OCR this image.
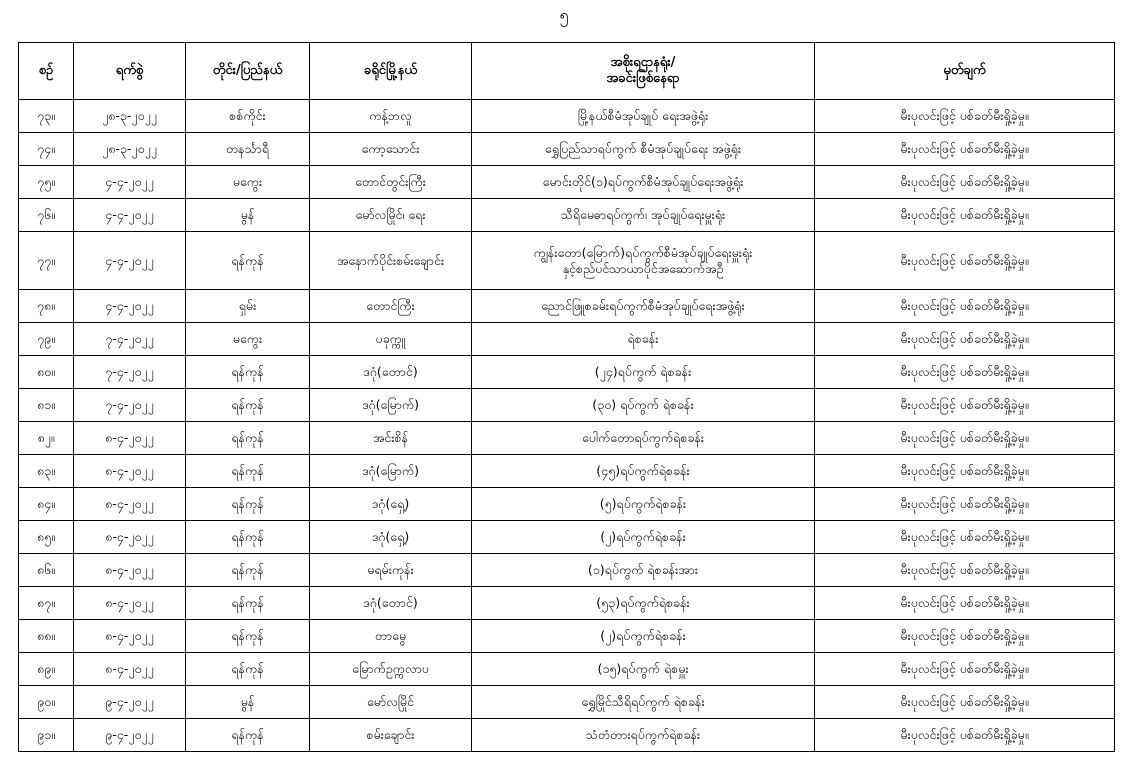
၅
စဉ်	ရက်စွဲ	တိုင်း/ပြည်နယ်	ခရိုင်မြို့နယ်	အစိုးရဌာနရုံး/
အခင်းဖြစ်နေရာ	မှတ်ချက်
၇၃။	၂၈-၃-၂၀၂၂	စစ်ကိုင်း	ကန့်ဘလူ	မြို့နယ်စီမံအုပ်ချုပ် ရေးအဖွဲ့ရုံး	မီးပုလင်းဖြင့် ပစ်ခတ်မီးရှို့ခဲ့မှု။
၇၄။	၂၈-၃-၂၀၂၂	တနင်္သာရီ	ကော့သောင်း	ရွှေပြည်သာရပ်ကွက် စီမံအုပ်ချုပ်ရေး အဖွဲ့ရုံး	မီးပုလင်းဖြင့် ပစ်ခတ်မီးရှို့ခဲ့မှု။
၇၅။	၄-၄-၂၀၂၂	မကွေး	တောင်တွင်းကြီး	မောင်းတိုင်(၁)ရပ်ကွက်စီမံအုပ်ချုပ်ရေးအဖွဲ့ရုံး	မီးပုလင်းဖြင့် ပစ်ခတ်မီးရှို့ခဲ့မှု။
၇၆။	၄-၄-၂၀၂၂	မွန်	မော်လမြိုင်၊ ရေး	သီရိမေဓာရပ်ကွက်၊ အုပ်ချုပ်ရေးမှူးရုံး	မီးပုလင်းဖြင့် ပစ်ခတ်မီးရှို့ခဲ့မှု။
၇၇။	၄-၄-၂၀၂၂	ရန်ကုန်	အနောက်ပိုင်းစမ်းချောင်း	ကျွန်းတော(မြောက်)ရပ်ကွက်စီမံအုပ်ချုပ်ရေးမှူးရုံး
နှင့်စည်ပင်သာယာပိုင်အဆောက်အဦ	မီးပုလင်းဖြင့် ပစ်ခတ်မီးရှို့ခဲ့မှု။
၇၈။	၄-၄-၂၀၂၂	ရှမ်း	တောင်ကြီး	ညောင်ဖြူစခမ်းရပ်ကွက်စီမံအုပ်ချုပ်ရေးအဖွဲ့ရုံး	မီးပုလင်းဖြင့် ပစ်ခတ်မီးရှို့ခဲ့မှု။
၇၉။	၇-၄-၂၀၂၂	မကွေး	ပခုက္ကူ	ရဲစခန်း	မီးပုလင်းဖြင့် ပစ်ခတ်မီးရှို့ခဲ့မှု။
၈၀။	၇-၄-၂၀၂၂	ရန်ကုန်	ဒဂုံ(တောင်)	(၂၄)ရပ်ကွက် ရဲစခန်း	မီးပုလင်းဖြင့် ပစ်ခတ်မီးရှို့ခဲ့မှု။
၈၁။	၇-၄-၂၀၂၂	ရန်ကုန်	ဒဂုံ(မြောက်)	(၃၀) ရပ်ကွက် ရဲစခန်း	မီးပုလင်းဖြင့် ပစ်ခတ်မီးရှို့ခဲ့မှု။
၈၂။	၈-၄-၂၀၂၂	ရန်ကုန်	အင်းစိန်	ပေါက်တောရပ်ကွက်ရဲစခန်း	မီးပုလင်းဖြင့် ပစ်ခတ်မီးရှို့ခဲ့မှု။
၈၃။	၈-၄-၂၀၂၂	ရန်ကုန်	ဒဂုံ(မြောက်)	(၄၅)ရပ်ကွက်ရဲစခန်း	မီးပုလင်းဖြင့် ပစ်ခတ်မီးရှို့ခဲ့မှု။
၈၄။	၈-၄-၂၀၂၂	ရန်ကုန်	ဒဂုံ(ရှေ့)	(၅)ရပ်ကွက်ရဲစခန်း	မီးပုလင်းဖြင့် ပစ်ခတ်မီးရှို့ခဲ့မှု။
၈၅။	၈-၄-၂၀၂၂	ရန်ကုန်	ဒဂုံ(ရှေ့)	(၂)ရပ်ကွက်ရဲစခန်း	မီးပုလင်းဖြင့် ပစ်ခတ်မီးရှို့ခဲ့မှု။
၈၆။	၈-၄-၂၀၂၂	ရန်ကုန်	မရမ်းကုန်း	(၁)ရပ်ကွက် ရဲစခန်းအား	မီးပုလင်းဖြင့် ပစ်ခတ်မီးရှို့ခဲ့မှု။
၈၇။	၈-၄-၂၀၂၂	ရန်ကုန်	ဒဂုံ(တောင်)	(၅၃)ရပ်ကွက်ရဲစခန်း	မီးပုလင်းဖြင့် ပစ်ခတ်မီးရှို့ခဲ့မှု။
၈၈။	၈-၄-၂၀၂၂	ရန်ကုန်	တာမွေ	(၂)ရပ်ကွက်ရဲစခန်း	မီးပုလင်းဖြင့် ပစ်ခတ်မီးရှို့ခဲ့မှု။
၈၉။	၈-၄-၂၀၂၂	ရန်ကုန်	မြောက်ဥက္ကလာပ	(၁၅)ရပ်ကွက် ရဲစမှူး	မီးပုလင်းဖြင့် ပစ်ခတ်မီးရှို့ခဲ့မှု။
၉၀။	၉-၄-၂၀၂၂	မွန်	မော်လမြိုင်	ရွှေမြိုင်သီရိရပ်ကွက် ရဲစခန်း	မီးပုလင်းဖြင့် ပစ်ခတ်မီးရှို့ခဲ့မှု။
၉၁။	၉-၄-၂၀၂၂	ရန်ကုန်	စမ်းချောင်း	သံတံတားရပ်ကွက်ရဲစခန်း	မီးပုလင်းဖြင့် ပစ်ခတ်မီးရှို့ခဲ့မှု။
